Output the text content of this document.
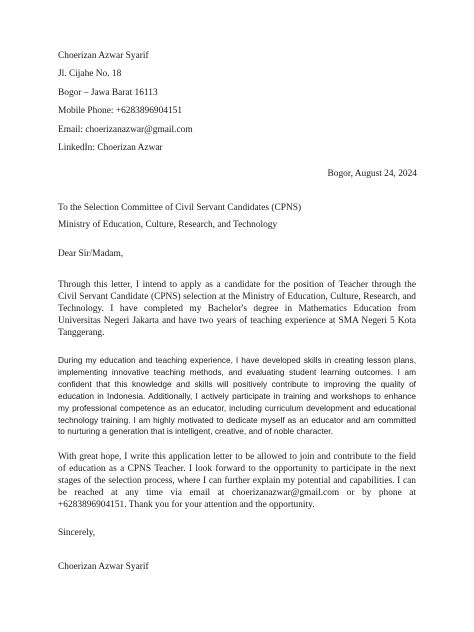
Choerizan Azwar Syarif
Jl. Cijahe No. 18
Bogor – Jawa Barat 16113
Mobile Phone: +6283896904151
Email: choerizanazwar@gmail.com
LinkedIn: Choerizan Azwar
Bogor, August 24, 2024
To the Selection Committee of Civil Servant Candidates (CPNS)
Ministry of Education, Culture, Research, and Technology
Dear Sir/Madam,

Through this letter, I intend to apply as a candidate for the position of Teacher through the Civil Servant Candidate (CPNS) selection at the Ministry of Education, Culture, Research, and Technology. I have completed my Bachelor's degree in Mathematics Education from Universitas Negeri Jakarta and have two years of teaching experience at SMA Negeri 5 Kota Tanggerang.

During my education and teaching experience, I have developed skills in creating lesson plans, implementing innovative teaching methods, and evaluating student learning outcomes. I am confident that this knowledge and skills will positively contribute to improving the quality of education in Indonesia. Additionally, I actively participate in training and workshops to enhance my professional competence as an educator, including curriculum development and educational technology training. I am highly motivated to dedicate myself as an educator and am committed to nurturing a generation that is intelligent, creative, and of noble character.

With great hope, I write this application letter to be allowed to join and contribute to the field of education as a CPNS Teacher. I look forward to the opportunity to participate in the next stages of the selection process, where I can further explain my potential and capabilities. I can be reached at any time via email at choerizanazwar@gmail.com or by phone at +6283896904151. Thank you for your attention and the opportunity.

Sincerely,
Choerizan Azwar Syarif
